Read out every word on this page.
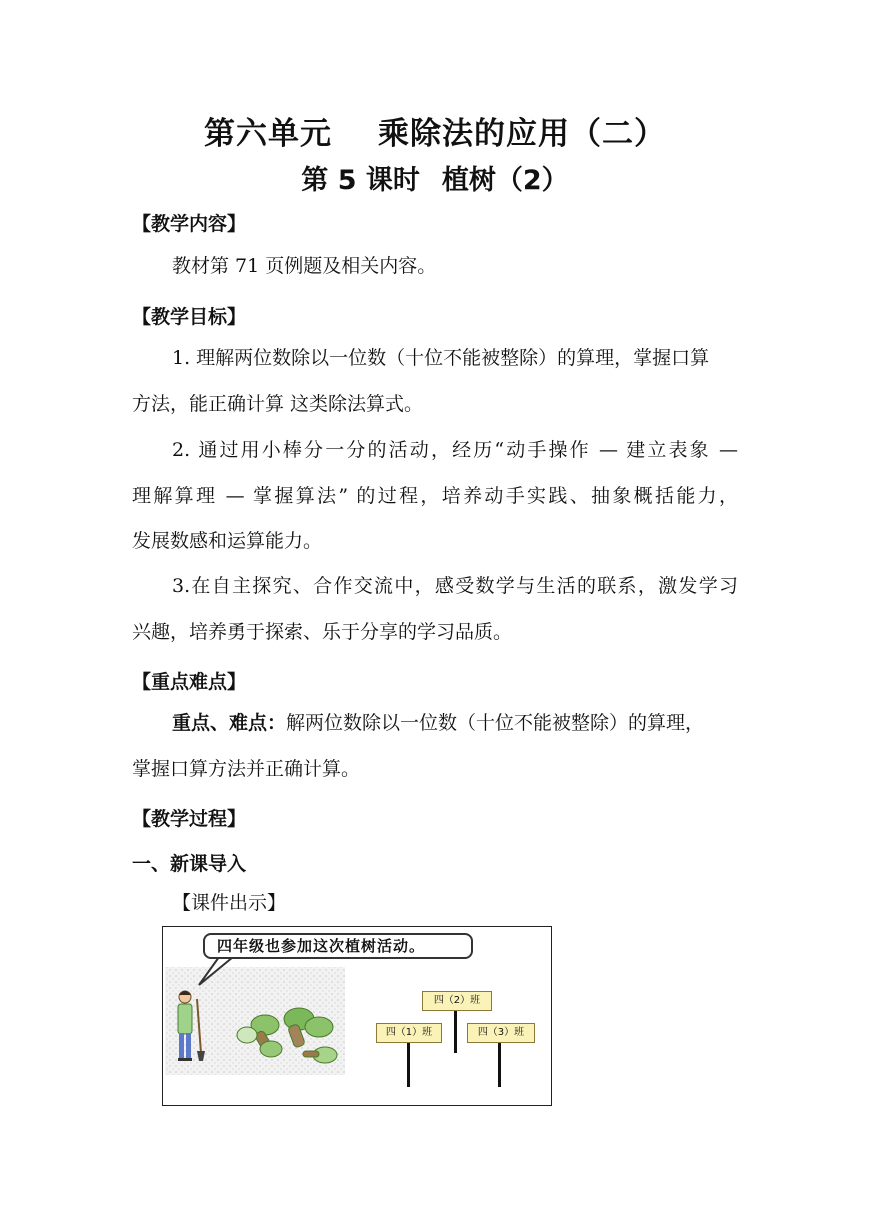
第六单元 乘除法的应用（二）
第 5 课时 植树（2）
【教学内容】
教材第 71 页例题及相关内容。
【教学目标】
1. 理解两位数除以一位数（十位不能被整除）的算理，掌握口算
方法，能正确计算 这类除法算式。
2. 通过用小棒分一分的活动，经历“动手操作 — 建立表象 —
理解算理 — 掌握算法” 的过程，培养动手实践、抽象概括能力，
发展数感和运算能力。
3.在自主探究、合作交流中，感受数学与生活的联系，激发学习
兴趣，培养勇于探索、乐于分享的学习品质。
【重点难点】
重点、难点：解两位数除以一位数（十位不能被整除）的算理，
掌握口算方法并正确计算。
【教学过程】
一、新课导入
【课件出示】
四年级也参加这次植树活动。
四（2）班
四（1）班	四（3）班
